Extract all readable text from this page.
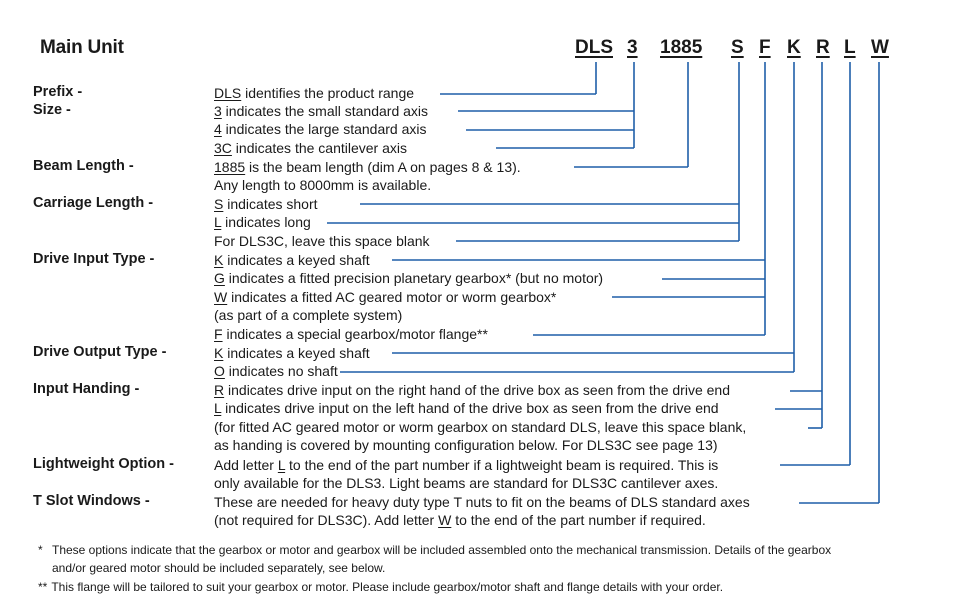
Main Unit	DLS 3 1885 S F K R L W
Prefix -
Size -
Beam Length -
Carriage Length -
Drive Input Type -
Drive Output Type -
Input Handing -
Lightweight Option -
T Slot Windows -
DLS identifies the product range
3 indicates the small standard axis
4 indicates the large standard axis
3C indicates the cantilever axis
1885 is the beam length (dim A on pages 8 & 13).
Any length to 8000mm is available.
S indicates short
L indicates long
For DLS3C, leave this space blank
K indicates a keyed shaft
G indicates a fitted precision planetary gearbox* (but no motor)
W indicates a fitted AC geared motor or worm gearbox*
(as part of a complete system)
F indicates a special gearbox/motor flange**
K indicates a keyed shaft
O indicates no shaft
R indicates drive input on the right hand of the drive box as seen from the drive end
L indicates drive input on the left hand of the drive box as seen from the drive end
(for fitted AC geared motor or worm gearbox on standard DLS, leave this space blank,
as handing is covered by mounting configuration below. For DLS3C see page 13)
Add letter L to the end of the part number if a lightweight beam is required. This is
only available for the DLS3. Light beams are standard for DLS3C cantilever axes.
These are needed for heavy duty type T nuts to fit on the beams of DLS standard axes
(not required for DLS3C). Add letter W to the end of the part number if required.
* These options indicate that the gearbox or motor and gearbox will be included assembled onto the mechanical transmission. Details of the gearbox
and/or geared motor should be included separately, see below.
** This flange will be tailored to suit your gearbox or motor. Please include gearbox/motor shaft and flange details with your order.
